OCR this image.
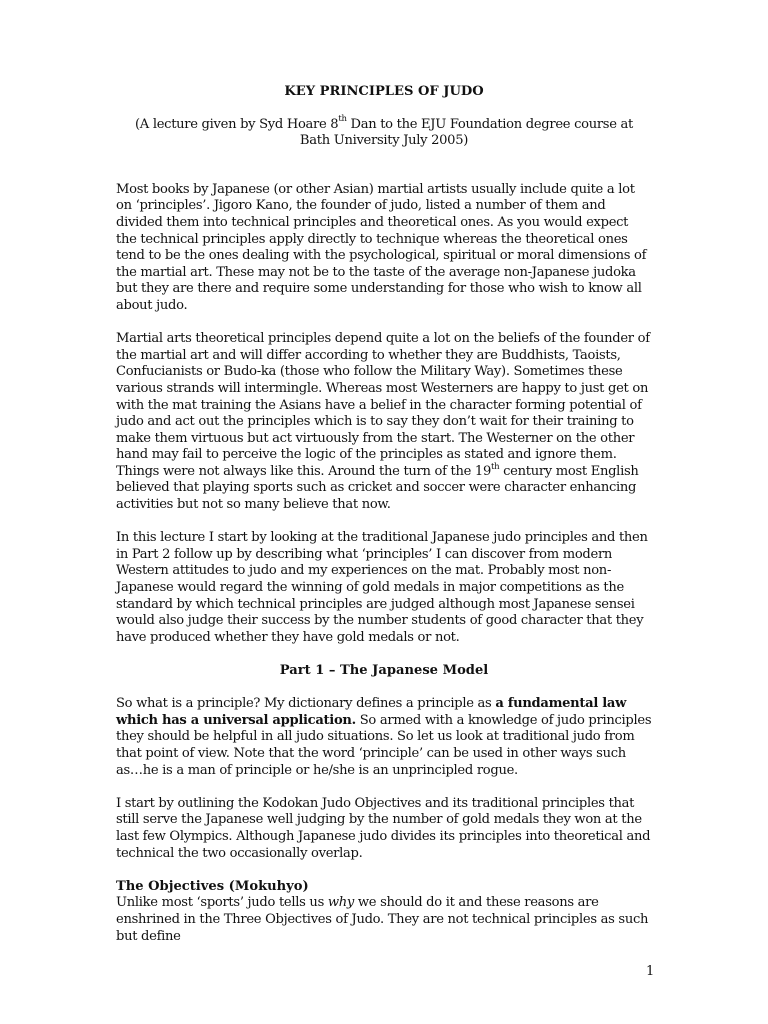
KEY PRINCIPLES OF JUDO
(A lecture given by Syd Hoare 8th Dan to the EJU Foundation degree course at Bath University July 2005)

Most books by Japanese (or other Asian) martial artists usually include quite a lot on ‘principles’. Jigoro Kano, the founder of judo, listed a number of them and divided them into technical principles and theoretical ones. As you would expect the technical principles apply directly to technique whereas the theoretical ones tend to be the ones dealing with the psychological, spiritual or moral dimensions of the martial art. These may not be to the taste of the average non-Japanese judoka but they are there and require some understanding for those who wish to know all about judo.

Martial arts theoretical principles depend quite a lot on the beliefs of the founder of the martial art and will differ according to whether they are Buddhists, Taoists, Confucianists or Budo-ka (those who follow the Military Way). Sometimes these various strands will intermingle. Whereas most Westerners are happy to just get on with the mat training the Asians have a belief in the character forming potential of judo and act out the principles which is to say they don’t wait for their training to make them virtuous but act virtuously from the start. The Westerner on the other hand may fail to perceive the logic of the principles as stated and ignore them. Things were not always like this. Around the turn of the 19th century most English believed that playing sports such as cricket and soccer were character enhancing activities but not so many believe that now.

In this lecture I start by looking at the traditional Japanese judo principles and then in Part 2 follow up by describing what ‘principles’ I can discover from modern Western attitudes to judo and my experiences on the mat. Probably most non-Japanese would regard the winning of gold medals in major competitions as the standard by which technical principles are judged although most Japanese sensei would also judge their success by the number students of good character that they have produced whether they have gold medals or not.

Part 1 – The Japanese Model

So what is a principle? My dictionary defines a principle as a fundamental law which has a universal application. So armed with a knowledge of judo principles they should be helpful in all judo situations. So let us look at traditional judo from that point of view. Note that the word ‘principle’ can be used in other ways such as…he is a man of principle or he/she is an unprincipled rogue.

I start by outlining the Kodokan Judo Objectives and its traditional principles that still serve the Japanese well judging by the number of gold medals they won at the last few Olympics. Although Japanese judo divides its principles into theoretical and technical the two occasionally overlap.

The Objectives (Mokuhyo)

Unlike most ‘sports’ judo tells us why we should do it and these reasons are enshrined in the Three Objectives of Judo. They are not technical principles as such but define

1
